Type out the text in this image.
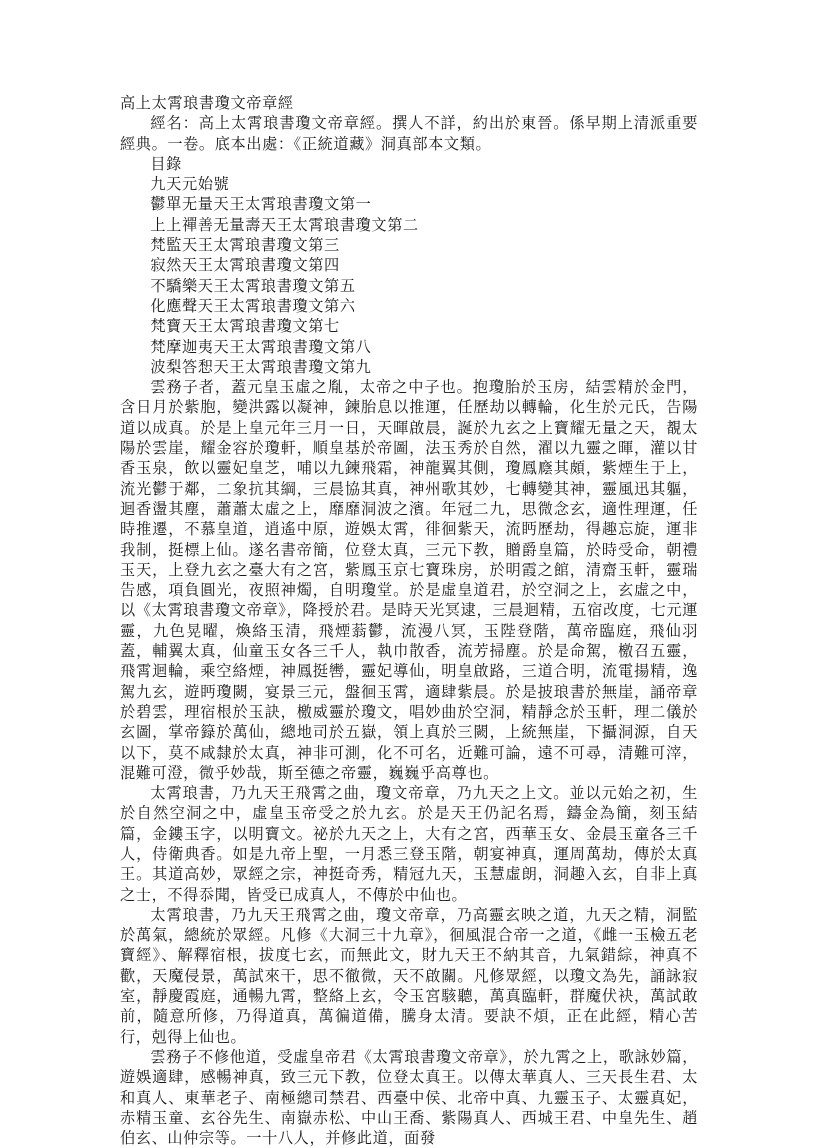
高上太霄琅書瓊文帝章經

經名：高上太霄琅書瓊文帝章經。撰人不詳，約出於東晉。係早期上清派重要經典。一卷。底本出處：《正統道藏》洞真部本文類。

目錄

九天元始號

鬱單无量天王太霄琅書瓊文第一

上上禪善无量壽天王太霄琅書瓊文第二

梵監天王太霄琅書瓊文第三

寂然天王太霄琅書瓊文第四

不驕樂天王太霄琅書瓊文第五

化應聲天王太霄琅書瓊文第六

梵寶天王太霄琅書瓊文第七

梵摩迦夷天王太霄琅書瓊文第八

波梨答惒天王太霄琅書瓊文第九

雲務子者，蓋元皇玉虛之胤，太帝之中子也。抱瓊胎於玉房，結雲精於金門，含日月於紫胞，變洪露以凝神，鍊胎息以推運，任歷劫以轉輪，化生於元氏，告陽道以成真。於是上皇元年三月一日，天暉啟晨，誕於九玄之上寶耀无量之天，覩太陽於雲崖，耀金容於瓊軒，順皇基於帝圖，法玉秀於自然，濯以九靈之暉，灌以甘香玉泉，飲以靈妃皇芝，哺以九鍊飛霜，神龍翼其側，瓊鳳廕其頗，紫煙生于上，流光鬱于鄰，二象抗其綱，三晨協其真，神州歌其妙，七轉變其神，靈風迅其軀，迴香盪其塵，蕭蕭太虛之上，靡靡洞波之濱。年冠二九，思微念玄，適性理運，任時推遷，不慕皇道，逍遙中原，遊娛太霄，徘徊紫天，流眄歷劫，得趣忘旋，運非我制，挺標上仙。遂名書帝簡，位登太真，三元下教，贈爵皇篇，於時受命，朝禮玉天，上登九玄之臺大有之宮，紫鳳玉京七寶珠房，於明霞之館，清齋玉軒，靈瑞告感，項負圓光，夜照神燭，自明瓊堂。於是虛皇道君，於空洞之上，玄虛之中，以《太霄琅書瓊文帝章》，降授於君。是時天光冥逮，三晨迴精，五宿改度，七元運靈，九色晃曜，煥絡玉清，飛煙蓊鬱，流漫八冥，玉陛登階，萬帝臨庭，飛仙羽蓋，輔翼太真，仙童玉女各三千人，執巾散香，流芳掃塵。於是命駕，檄召五靈，飛霄迴輪，乘空絡煙，神鳳挺轡，靈妃導仙，明皇啟路，三道合明，流電揚精，逸駕九玄，遊眄瓊闕，宴景三元，盤徊玉霄，適肆紫晨。於是披琅書於無崖，誦帝章於碧雲，理宿根於玉訣，檄威靈於瓊文，唱妙曲於空洞，精靜念於玉軒，理二儀於玄圖，掌帝籙於萬仙，總地司於五嶽，領上真於三闕，上統無崖，下攝洞源，自天以下，莫不咸隸於太真，神非可測，化不可名，近難可論，遠不可尋，清難可滓，混難可澄，微乎妙哉，斯至德之帝靈，巍巍乎高尊也。

太霄琅書，乃九天王飛霄之曲，瓊文帝章，乃九天之上文。並以元始之初，生於自然空洞之中，虛皇玉帝受之於九玄。於是天王仍記名焉，鑄金為簡，刻玉結篇，金鏤玉字，以明寶文。祕於九天之上，大有之宮，西華玉女、金晨玉童各三千人，侍衛典香。如是九帝上聖，一月悉三登玉階，朝宴神真，運周萬劫，傳於太真王。其道高妙，眾經之宗，神挺奇秀，精冠九天，玉慧虛朗，洞趣入玄，自非上真之士，不得忝聞，皆受已成真人，不傳於中仙也。

太霄琅書，乃九天王飛霄之曲，瓊文帝章，乃高靈玄映之道，九天之精，洞監於萬氣，總統於眾經。凡修《大洞三十九章》，徊風混合帝一之道，《雌一玉檢五老寶經》、解釋宿根，拔度七玄，而無此文，財九天王不納其音，九氣錯綜，神真不歡，天魔侵景，萬試來干，思不徹微，天不啟關。凡修眾經，以瓊文為先，誦詠寂室，靜慶霞庭，通暢九霄，整絡上玄，令玉宮駭聽，萬真臨軒，群魔伏袂，萬試敢前，隨意所修，乃得道真，萬徧道備，騰身太清。要訣不煩，正在此經，精心苦行，剋得上仙也。

雲務子不修他道，受虛皇帝君《太霄琅書瓊文帝章》，於九霄之上，歌詠妙篇，遊娛適肆，感暢神真，致三元下教，位登太真王。以傳太華真人、三天長生君、太和真人、東華老子、南極總司禁君、西臺中侯、北帝中真、九靈玉子、太靈真妃，赤精玉童、玄谷先生、南嶽赤松、中山王喬、紫陽真人、西城王君、中皇先生、趙伯玄、山仲宗等。一十八人，并修此道，面發
